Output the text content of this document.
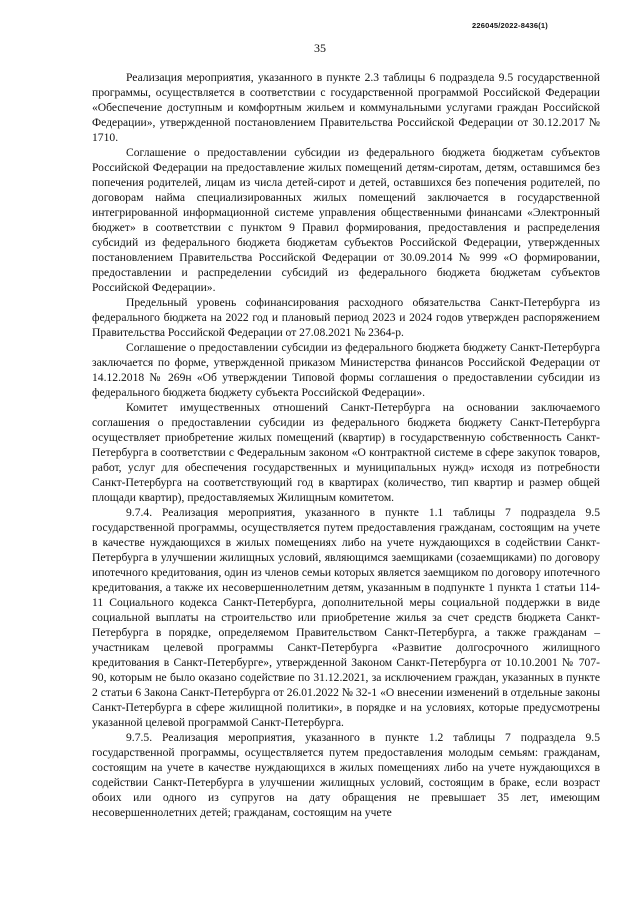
226045/2022-8436(1)
35

Реализация мероприятия, указанного в пункте 2.3 таблицы 6 подраздела 9.5 государственной программы, осуществляется в соответствии с государственной программой Российской Федерации «Обеспечение доступным и комфортным жильем и коммунальными услугами граждан Российской Федерации», утвержденной постановлением Правительства Российской Федерации от 30.12.2017 № 1710.

Соглашение о предоставлении субсидии из федерального бюджета бюджетам субъектов Российской Федерации на предоставление жилых помещений детям-сиротам, детям, оставшимся без попечения родителей, лицам из числа детей-сирот и детей, оставшихся без попечения родителей, по договорам найма специализированных жилых помещений заключается в государственной интегрированной информационной системе управления общественными финансами «Электронный бюджет» в соответствии с пунктом 9 Правил формирования, предоставления и распределения субсидий из федерального бюджета бюджетам субъектов Российской Федерации, утвержденных постановлением Правительства Российской Федерации от 30.09.2014 № 999 «О формировании, предоставлении и распределении субсидий из федерального бюджета бюджетам субъектов Российской Федерации».

Предельный уровень софинансирования расходного обязательства Санкт-Петербурга из федерального бюджета на 2022 год и плановый период 2023 и 2024 годов утвержден распоряжением Правительства Российской Федерации от 27.08.2021 № 2364-р.

Соглашение о предоставлении субсидии из федерального бюджета бюджету Санкт-Петербурга заключается по форме, утвержденной приказом Министерства финансов Российской Федерации от 14.12.2018 № 269н «Об утверждении Типовой формы соглашения о предоставлении субсидии из федерального бюджета бюджету субъекта Российской Федерации».

Комитет имущественных отношений Санкт-Петербурга на основании заключаемого соглашения о предоставлении субсидии из федерального бюджета бюджету Санкт-Петербурга осуществляет приобретение жилых помещений (квартир) в государственную собственность Санкт-Петербурга в соответствии с Федеральным законом «О контрактной системе в сфере закупок товаров, работ, услуг для обеспечения государственных и муниципальных нужд» исходя из потребности Санкт-Петербурга на соответствующий год в квартирах (количество, тип квартир и размер общей площади квартир), предоставляемых Жилищным комитетом.

9.7.4. Реализация мероприятия, указанного в пункте 1.1 таблицы 7 подраздела 9.5 государственной программы, осуществляется путем предоставления гражданам, состоящим на учете в качестве нуждающихся в жилых помещениях либо на учете нуждающихся в содействии Санкт-Петербурга в улучшении жилищных условий, являющимся заемщиками (созаемщиками) по договору ипотечного кредитования, один из членов семьи которых является заемщиком по договору ипотечного кредитования, а также их несовершеннолетним детям, указанным в подпункте 1 пункта 1 статьи 114-11 Социального кодекса Санкт-Петербурга, дополнительной меры социальной поддержки в виде социальной выплаты на строительство или приобретение жилья за счет средств бюджета Санкт-Петербурга в порядке, определяемом Правительством Санкт-Петербурга, а также гражданам – участникам целевой программы Санкт-Петербурга «Развитие долгосрочного жилищного кредитования в Санкт-Петербурге», утвержденной Законом Санкт-Петербурга от 10.10.2001 № 707-90, которым не было оказано содействие по 31.12.2021, за исключением граждан, указанных в пункте 2 статьи 6 Закона Санкт-Петербурга от 26.01.2022 № 32-1 «О внесении изменений в отдельные законы Санкт-Петербурга в сфере жилищной политики», в порядке и на условиях, которые предусмотрены указанной целевой программой Санкт-Петербурга.

9.7.5. Реализация мероприятия, указанного в пункте 1.2 таблицы 7 подраздела 9.5 государственной программы, осуществляется путем предоставления молодым семьям: гражданам, состоящим на учете в качестве нуждающихся в жилых помещениях либо на учете нуждающихся в содействии Санкт-Петербурга в улучшении жилищных условий, состоящим в браке, если возраст обоих или одного из супругов на дату обращения не превышает 35 лет, имеющим несовершеннолетних детей; гражданам, состоящим на учете
